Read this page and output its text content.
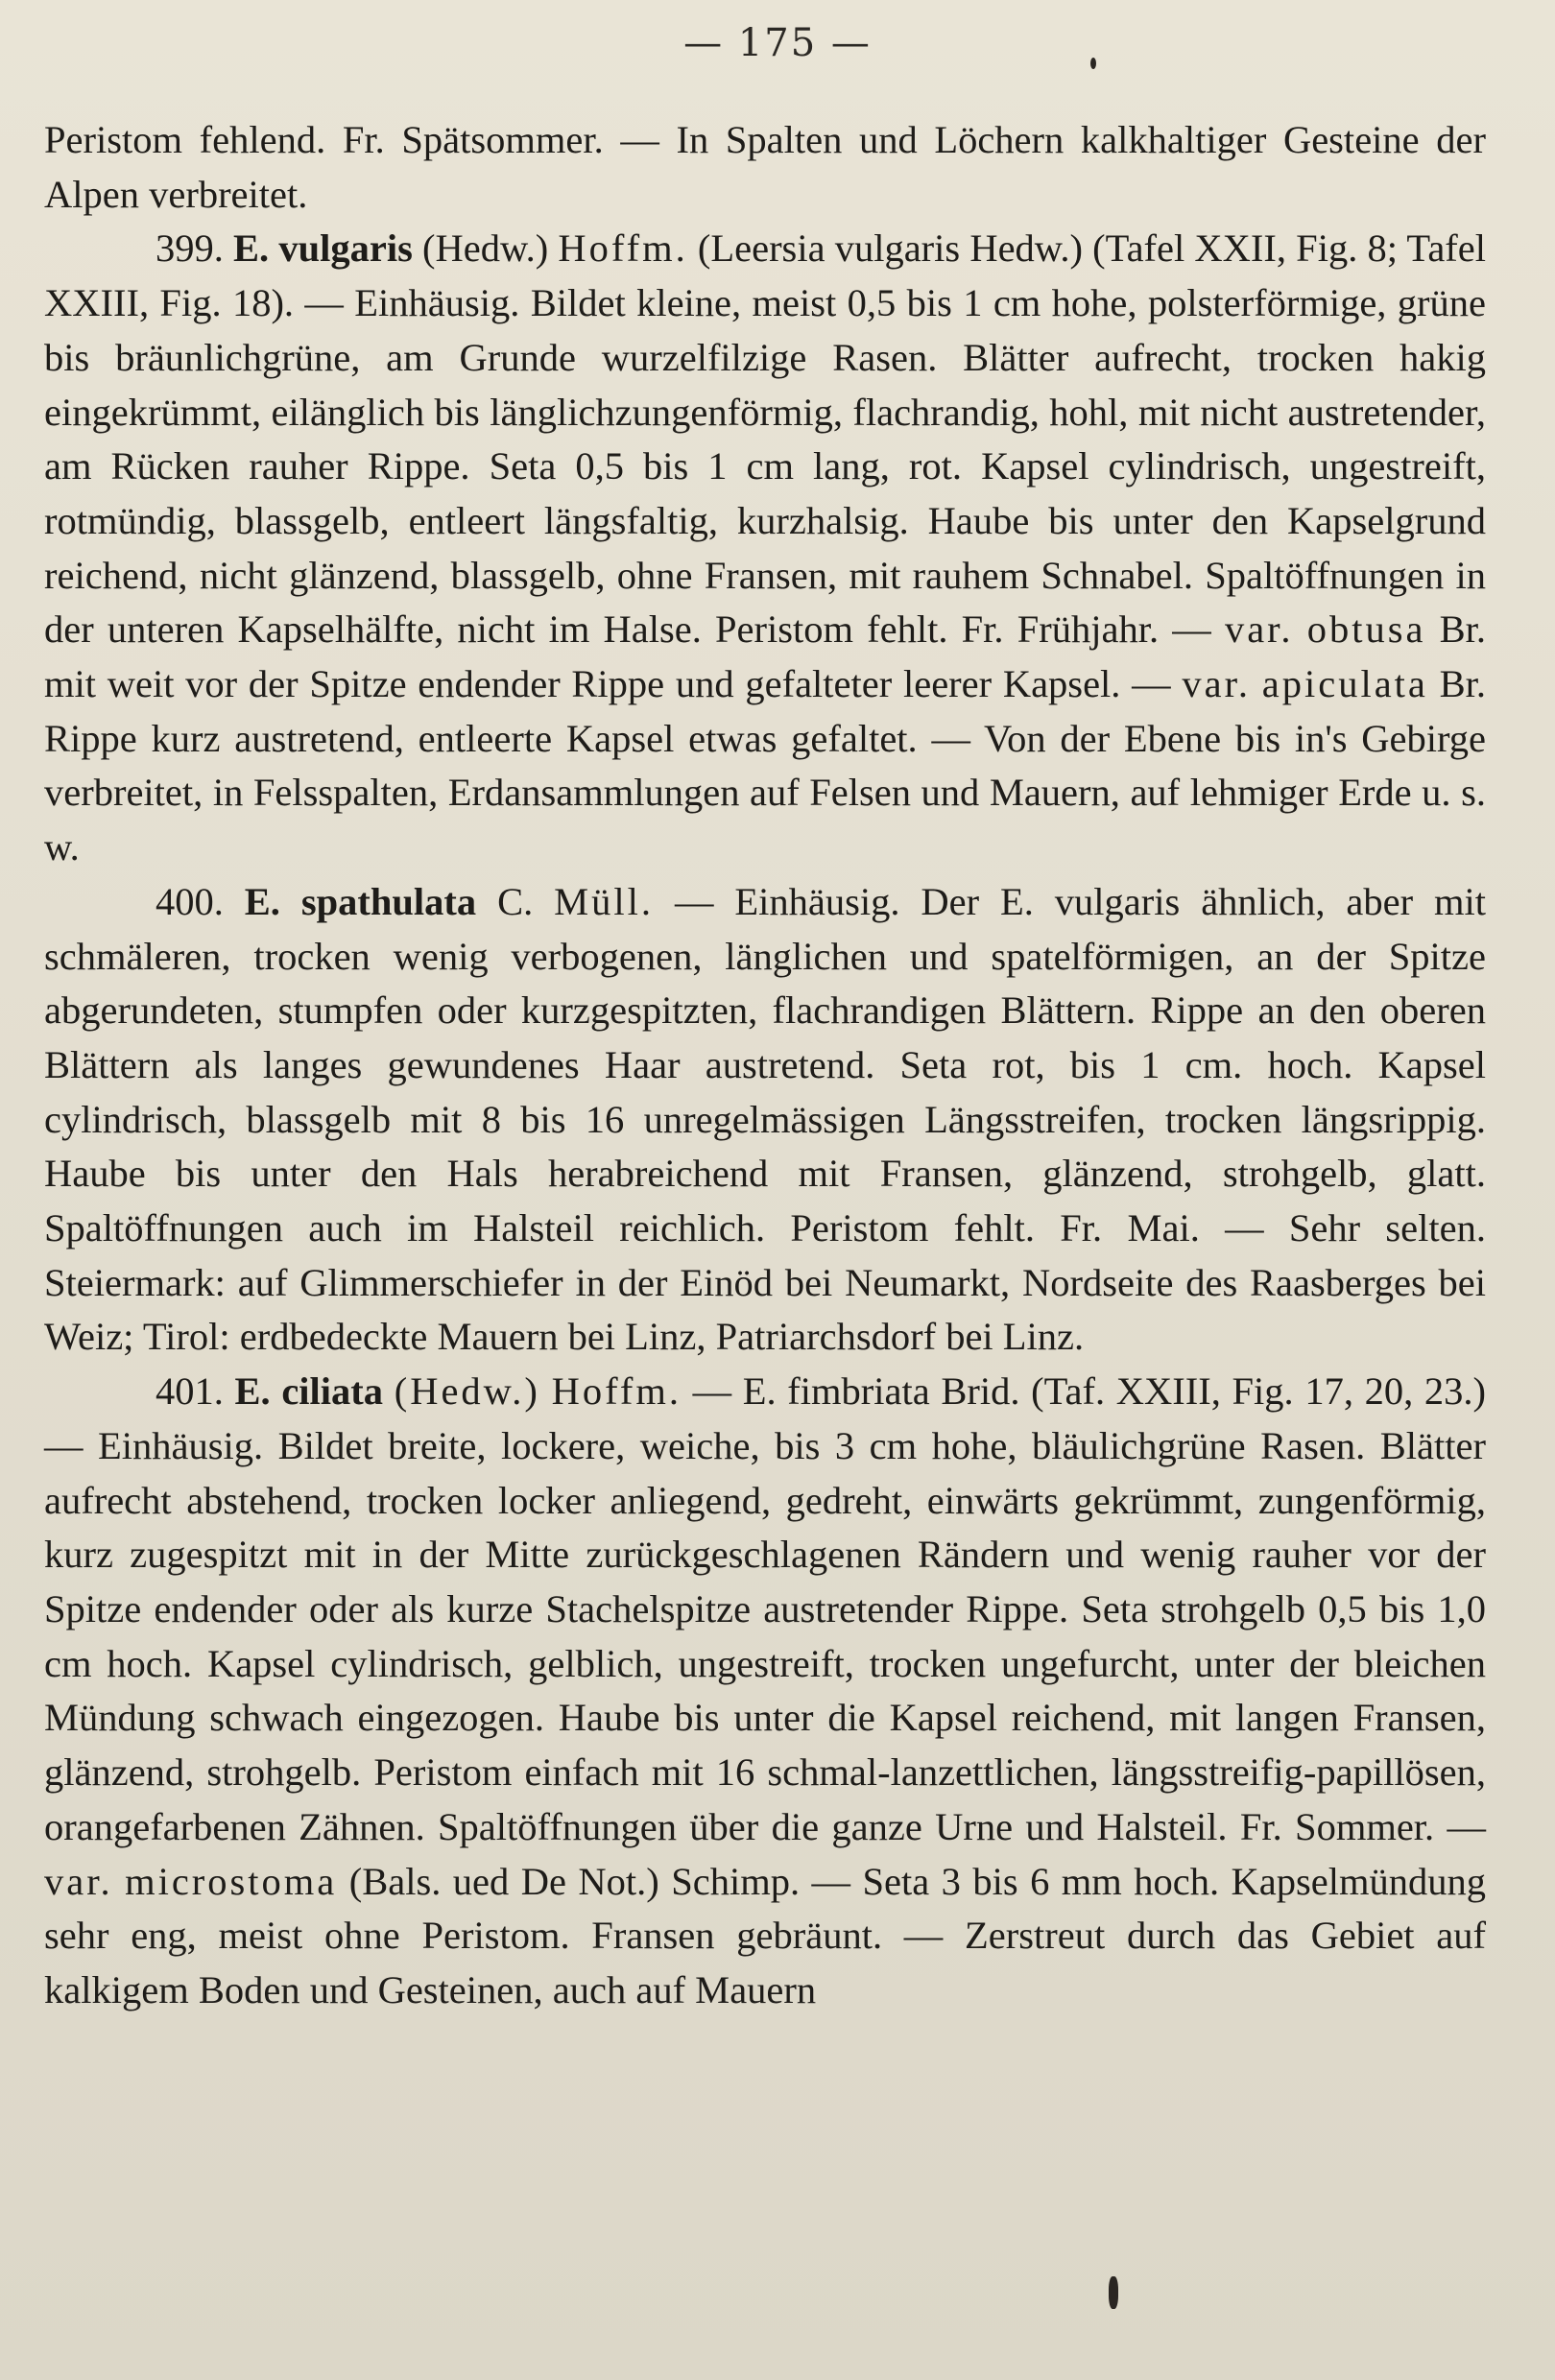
— 175 —

Peristom fehlend. Fr. Spätsommer. — In Spalten und Löchern kalkhaltiger Gesteine der Alpen verbreitet.

399. E. vulgaris (Hedw.) Hoffm. (Leersia vulgaris Hedw.) (Tafel XXII, Fig. 8; Tafel XXIII, Fig. 18). — Einhäusig. Bildet kleine, meist 0,5 bis 1 cm hohe, polsterförmige, grüne bis bräunlichgrüne, am Grunde wurzelfilzige Rasen. Blätter aufrecht, trocken hakig eingekrümmt, eilänglich bis länglichzungenförmig, flachrandig, hohl, mit nicht austretender, am Rücken rauher Rippe. Seta 0,5 bis 1 cm lang, rot. Kapsel cylindrisch, ungestreift, rotmündig, blassgelb, entleert längsfaltig, kurzhalsig. Haube bis unter den Kapselgrund reichend, nicht glänzend, blassgelb, ohne Fransen, mit rauhem Schnabel. Spaltöffnungen in der unteren Kapselhälfte, nicht im Halse. Peristom fehlt. Fr. Frühjahr. — var. obtusa Br. mit weit vor der Spitze endender Rippe und gefalteter leerer Kapsel. — var. apiculata Br. Rippe kurz austretend, entleerte Kapsel etwas gefaltet. — Von der Ebene bis in's Gebirge verbreitet, in Felsspalten, Erdansammlungen auf Felsen und Mauern, auf lehmiger Erde u. s. w.

400. E. spathulata C. Müll. — Einhäusig. Der E. vulgaris ähnlich, aber mit schmäleren, trocken wenig verbogenen, länglichen und spatelförmigen, an der Spitze abgerundeten, stumpfen oder kurzgespitzten, flachrandigen Blättern. Rippe an den oberen Blättern als langes gewundenes Haar austretend. Seta rot, bis 1 cm. hoch. Kapsel cylindrisch, blassgelb mit 8 bis 16 unregelmässigen Längsstreifen, trocken längsrippig. Haube bis unter den Hals herabreichend mit Fransen, glänzend, strohgelb, glatt. Spaltöffnungen auch im Halsteil reichlich. Peristom fehlt. Fr. Mai. — Sehr selten. Steiermark: auf Glimmerschiefer in der Einöd bei Neumarkt, Nordseite des Raasberges bei Weiz; Tirol: erdbedeckte Mauern bei Linz, Patriarchsdorf bei Linz.

401. E. ciliata (Hedw.) Hoffm. — E. fimbriata Brid. (Taf. XXIII, Fig. 17, 20, 23.) — Einhäusig. Bildet breite, lockere, weiche, bis 3 cm hohe, bläulichgrüne Rasen. Blätter aufrecht abstehend, trocken locker anliegend, gedreht, einwärts gekrümmt, zungenförmig, kurz zugespitzt mit in der Mitte zurückgeschlagenen Rändern und wenig rauher vor der Spitze endender oder als kurze Stachelspitze austretender Rippe. Seta strohgelb 0,5 bis 1,0 cm hoch. Kapsel cylindrisch, gelblich, ungestreift, trocken ungefurcht, unter der bleichen Mündung schwach eingezogen. Haube bis unter die Kapsel reichend, mit langen Fransen, glänzend, strohgelb. Peristom einfach mit 16 schmal-lanzettlichen, längsstreifig-papillösen, orangefarbenen Zähnen. Spaltöffnungen über die ganze Urne und Halsteil. Fr. Sommer. — var. microstoma (Bals. ued De Not.) Schimp. — Seta 3 bis 6 mm hoch. Kapselmündung sehr eng, meist ohne Peristom. Fransen gebräunt. — Zerstreut durch das Gebiet auf kalkigem Boden und Gesteinen, auch auf Mauern
